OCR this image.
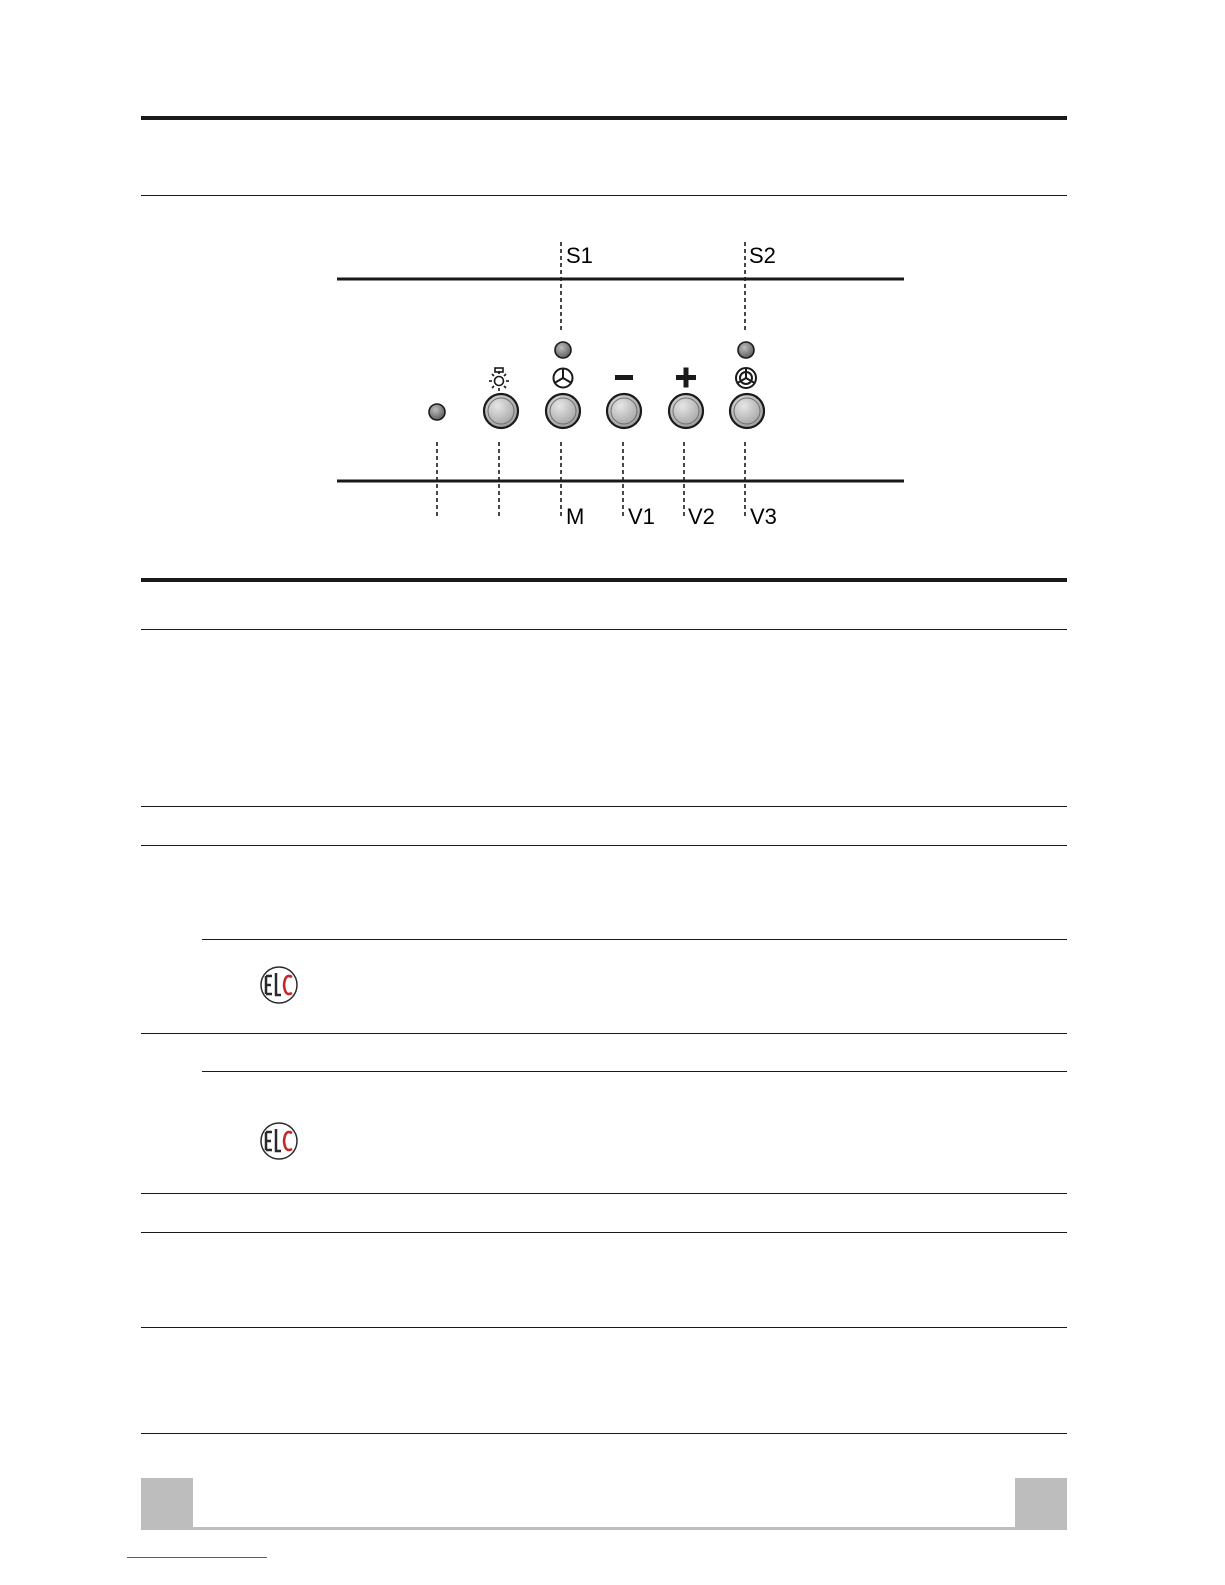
S1	S2
M V1 V2 V3
